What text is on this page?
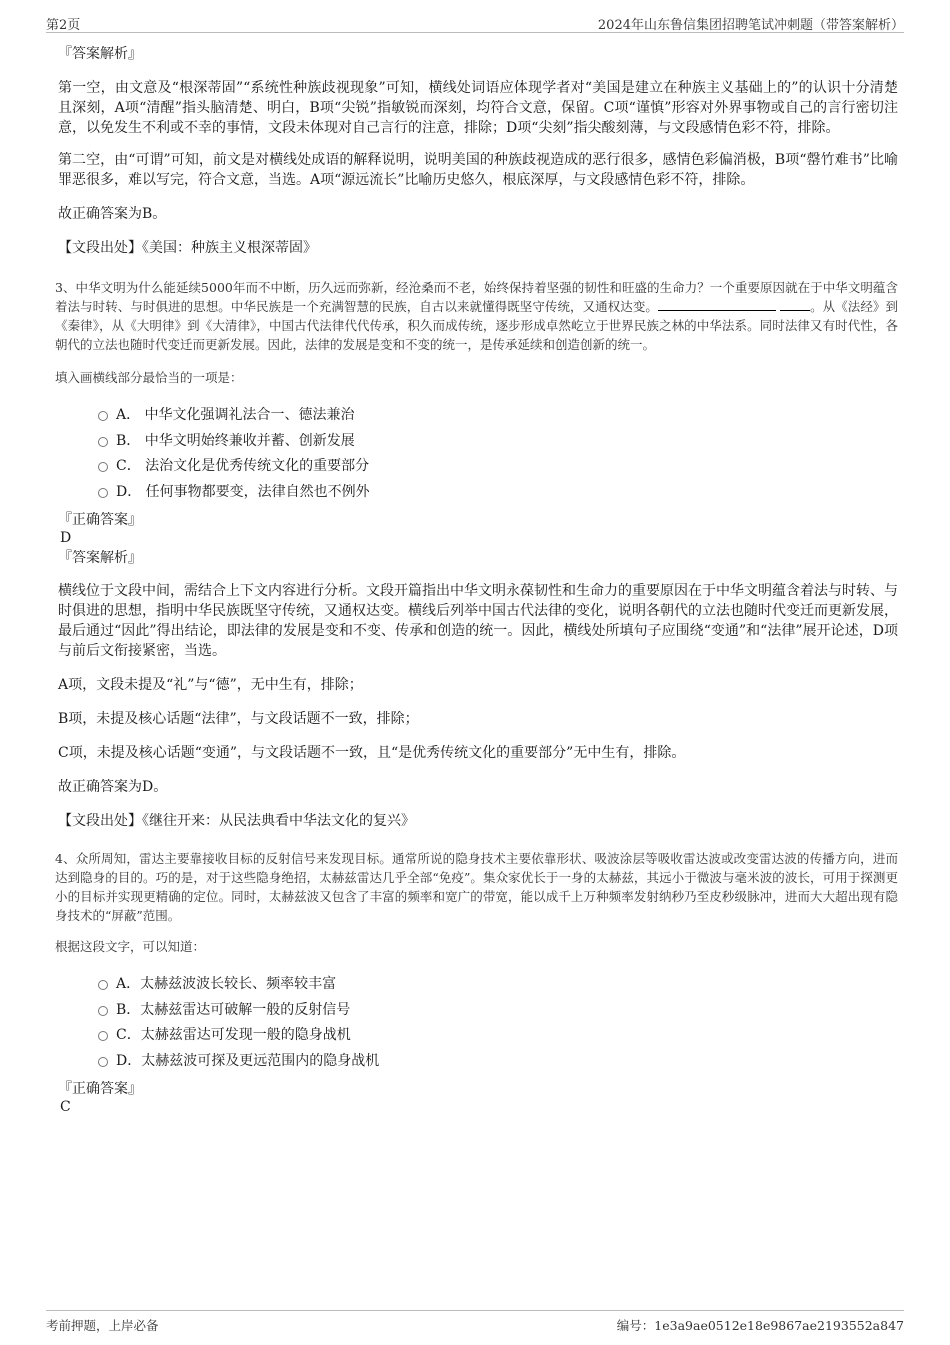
第2页	2024年山东鲁信集团招聘笔试冲刺题（带答案解析）

『答案解析』

第一空，由文意及“根深蒂固”“系统性种族歧视现象”可知，横线处词语应体现学者对“美国是建立在种族主义基础上的”的认识十分清楚且深刻，A项“清醒”指头脑清楚、明白，B项“尖锐”指敏锐而深刻，均符合文意，保留。C项“谨慎”形容对外界事物或自己的言行密切注意，以免发生不利或不幸的事情，文段未体现对自己言行的注意，排除；D项“尖刻”指尖酸刻薄，与文段感情色彩不符，排除。

第二空，由“可谓”可知，前文是对横线处成语的解释说明，说明美国的种族歧视造成的恶行很多，感情色彩偏消极，B项“罄竹难书”比喻罪恶很多，难以写完，符合文意，当选。A项“源远流长”比喻历史悠久，根底深厚，与文段感情色彩不符，排除。

故正确答案为B。

【文段出处】《美国：种族主义根深蒂固》

3、中华文明为什么能延续5000年而不中断，历久远而弥新，经沧桑而不老，始终保持着坚强的韧性和旺盛的生命力？一个重要原因就在于中华文明蕴含着法与时转、与时俱进的思想。中华民族是一个充满智慧的民族，自古以来就懂得既坚守传统，又通权达变。	。从《法经》到《秦律》，从《大明律》到《大清律》，中国古代法律代代传承，积久而成传统，逐步形成卓然屹立于世界民族之林的中华法系。同时法律又有时代性，各朝代的立法也随时代变迁而更新发展。因此，法律的发展是变和不变的统一，是传承延续和创造创新的统一。

填入画横线部分最恰当的一项是：

A． 中华文化强调礼法合一、德法兼治
B． 中华文明始终兼收并蓄、创新发展
C． 法治文化是优秀传统文化的重要部分
D． 任何事物都要变，法律自然也不例外

『正确答案』

D

『答案解析』

横线位于文段中间，需结合上下文内容进行分析。文段开篇指出中华文明永葆韧性和生命力的重要原因在于中华文明蕴含着法与时转、与时俱进的思想，指明中华民族既坚守传统，又通权达变。横线后列举中国古代法律的变化，说明各朝代的立法也随时代变迁而更新发展，最后通过“因此”得出结论，即法律的发展是变和不变、传承和创造的统一。因此，横线处所填句子应围绕“变通”和“法律”展开论述，D项与前后文衔接紧密，当选。

A项，文段未提及“礼”与“德”，无中生有，排除；

B项，未提及核心话题“法律”，与文段话题不一致，排除；

C项，未提及核心话题“变通”，与文段话题不一致，且“是优秀传统文化的重要部分”无中生有，排除。

故正确答案为D。

【文段出处】《继往开来：从民法典看中华法文化的复兴》

4、众所周知，雷达主要靠接收目标的反射信号来发现目标。通常所说的隐身技术主要依靠形状、吸波涂层等吸收雷达波或改变雷达波的传播方向，进而达到隐身的目的。巧的是，对于这些隐身绝招，太赫兹雷达几乎全部“免疫”。集众家优长于一身的太赫兹，其远小于微波与毫米波的波长，可用于探测更小的目标并实现更精确的定位。同时，太赫兹波又包含了丰富的频率和宽广的带宽，能以成千上万种频率发射纳秒乃至皮秒级脉冲，进而大大超出现有隐身技术的“屏蔽”范围。

根据这段文字，可以知道：

A．太赫兹波波长较长、频率较丰富
B．太赫兹雷达可破解一般的反射信号
C．太赫兹雷达可发现一般的隐身战机
D．太赫兹波可探及更远范围内的隐身战机

『正确答案』

C

考前押题，上岸必备	编号：1e3a9ae0512e18e9867ae2193552a847
